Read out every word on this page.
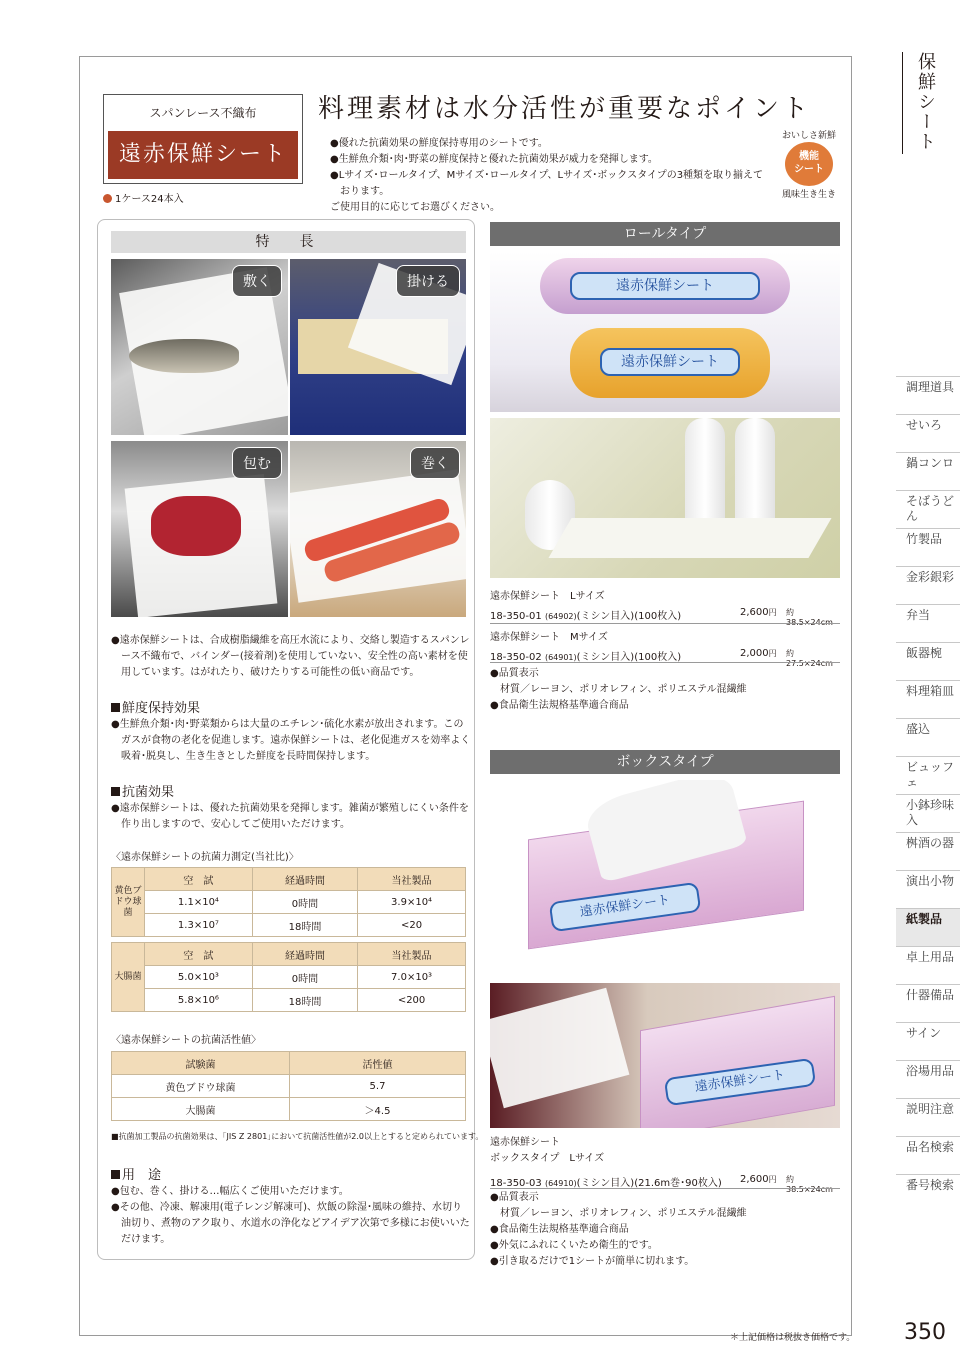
スパンレース不織布
遠赤保鮮シート
1ケース24本入
料理素材は水分活性が重要なポイント
●優れた抗菌効果の鮮度保持専用のシートです。
●生鮮魚介類･肉･野菜の鮮度保持と優れた抗菌効果が威力を発揮します。
●Lサイズ･ロールタイプ、Mサイズ･ロールタイプ、Lサイズ･ボックスタイプの3種類を取り揃えております。
ご使用目的に応じてお選びください。
おいしさ新鮮
機能
シート
風味生き生き
特　長
敷く	掛ける
包む	巻く

●遠赤保鮮シートは、合成樹脂繊維を高圧水流により、交絡し製造するスパンレース不織布で、バインダー(接着剤)を使用していない、安全性の高い素材を使用しています。はがれたり、破けたりする可能性の低い商品です。

鮮度保持効果

●生鮮魚介類･肉･野菜類からは大量のエチレン･硫化水素が放出されます。このガスが食物の老化を促進します。遠赤保鮮シートは、老化促進ガスを効率よく吸着･脱臭し、生き生きとした鮮度を長時間保持します。

抗菌効果

●遠赤保鮮シートは、優れた抗菌効果を発揮します。雑菌が繁殖しにくい条件を作り出しますので、安心してご使用いただけます。

〈遠赤保鮮シートの抗菌力測定(当社比)〉
黄色ブドウ球菌	空　試	経過時間	当社製品
	1.1×10⁴	0時間	3.9×10⁴
	1.3×10⁷	18時間	<20
大腸菌	空　試	経過時間	当社製品
	5.0×10³	0時間	7.0×10³
	5.8×10⁶	18時間	<200
〈遠赤保鮮シートの抗菌活性値〉
試験菌	活性値
黄色ブドウ球菌	5.7
大腸菌	＞4.5
■抗菌加工製品の抗菌効果は、｢JIS Z 2801｣において抗菌活性値が2.0以上とすると定められています。
用　途

●包む、巻く、掛ける…幅広くご使用いただけます。

●その他、冷凍、解凍用(電子レンジ解凍可)、炊飯の除湿･風味の維持、水切り油切り、煮物のアク取り、水道水の浄化などアイデア次第で多様にお使いいただけます。

ロールタイプ
遠赤保鮮シート
遠赤保鮮シート
遠赤保鮮シート　Lサイズ
18-350-01 (64902)(ミシン目入)(100枚入)	2,600円 約38.5×24cm
遠赤保鮮シート　Mサイズ
18-350-02 (64901)(ミシン目入)(100枚入)	2,000円 約27.5×24cm
●品質表示
材質／レーヨン、ポリオレフィン、ポリエステル混繊維
●食品衛生法規格基準適合商品
ボックスタイプ
遠赤保鮮シート
遠赤保鮮シート
遠赤保鮮シート
ボックスタイプ　Lサイズ
18-350-03 (64910)(ミシン目入)(21.6m巻･90枚入) 2,600円 約38.5×24cm
●品質表示
材質／レーヨン、ポリオレフィン、ポリエステル混繊維
●食品衛生法規格基準適合商品
●外気にふれにくいため衛生的です。
●引き取るだけで1シートが簡単に切れます。
保鮮シート
調理道具
せいろ
鍋コンロ
そばうどん
竹製品
金彩銀彩
弁当
飯器椀
料理箱皿
盛込
ビュッフェ
小鉢珍味入
桝酒の器
演出小物
紙製品
卓上用品
什器備品
サイン
浴場用品
説明注意
品名検索
番号検索
＊上記価格は税抜き価格です。 350
